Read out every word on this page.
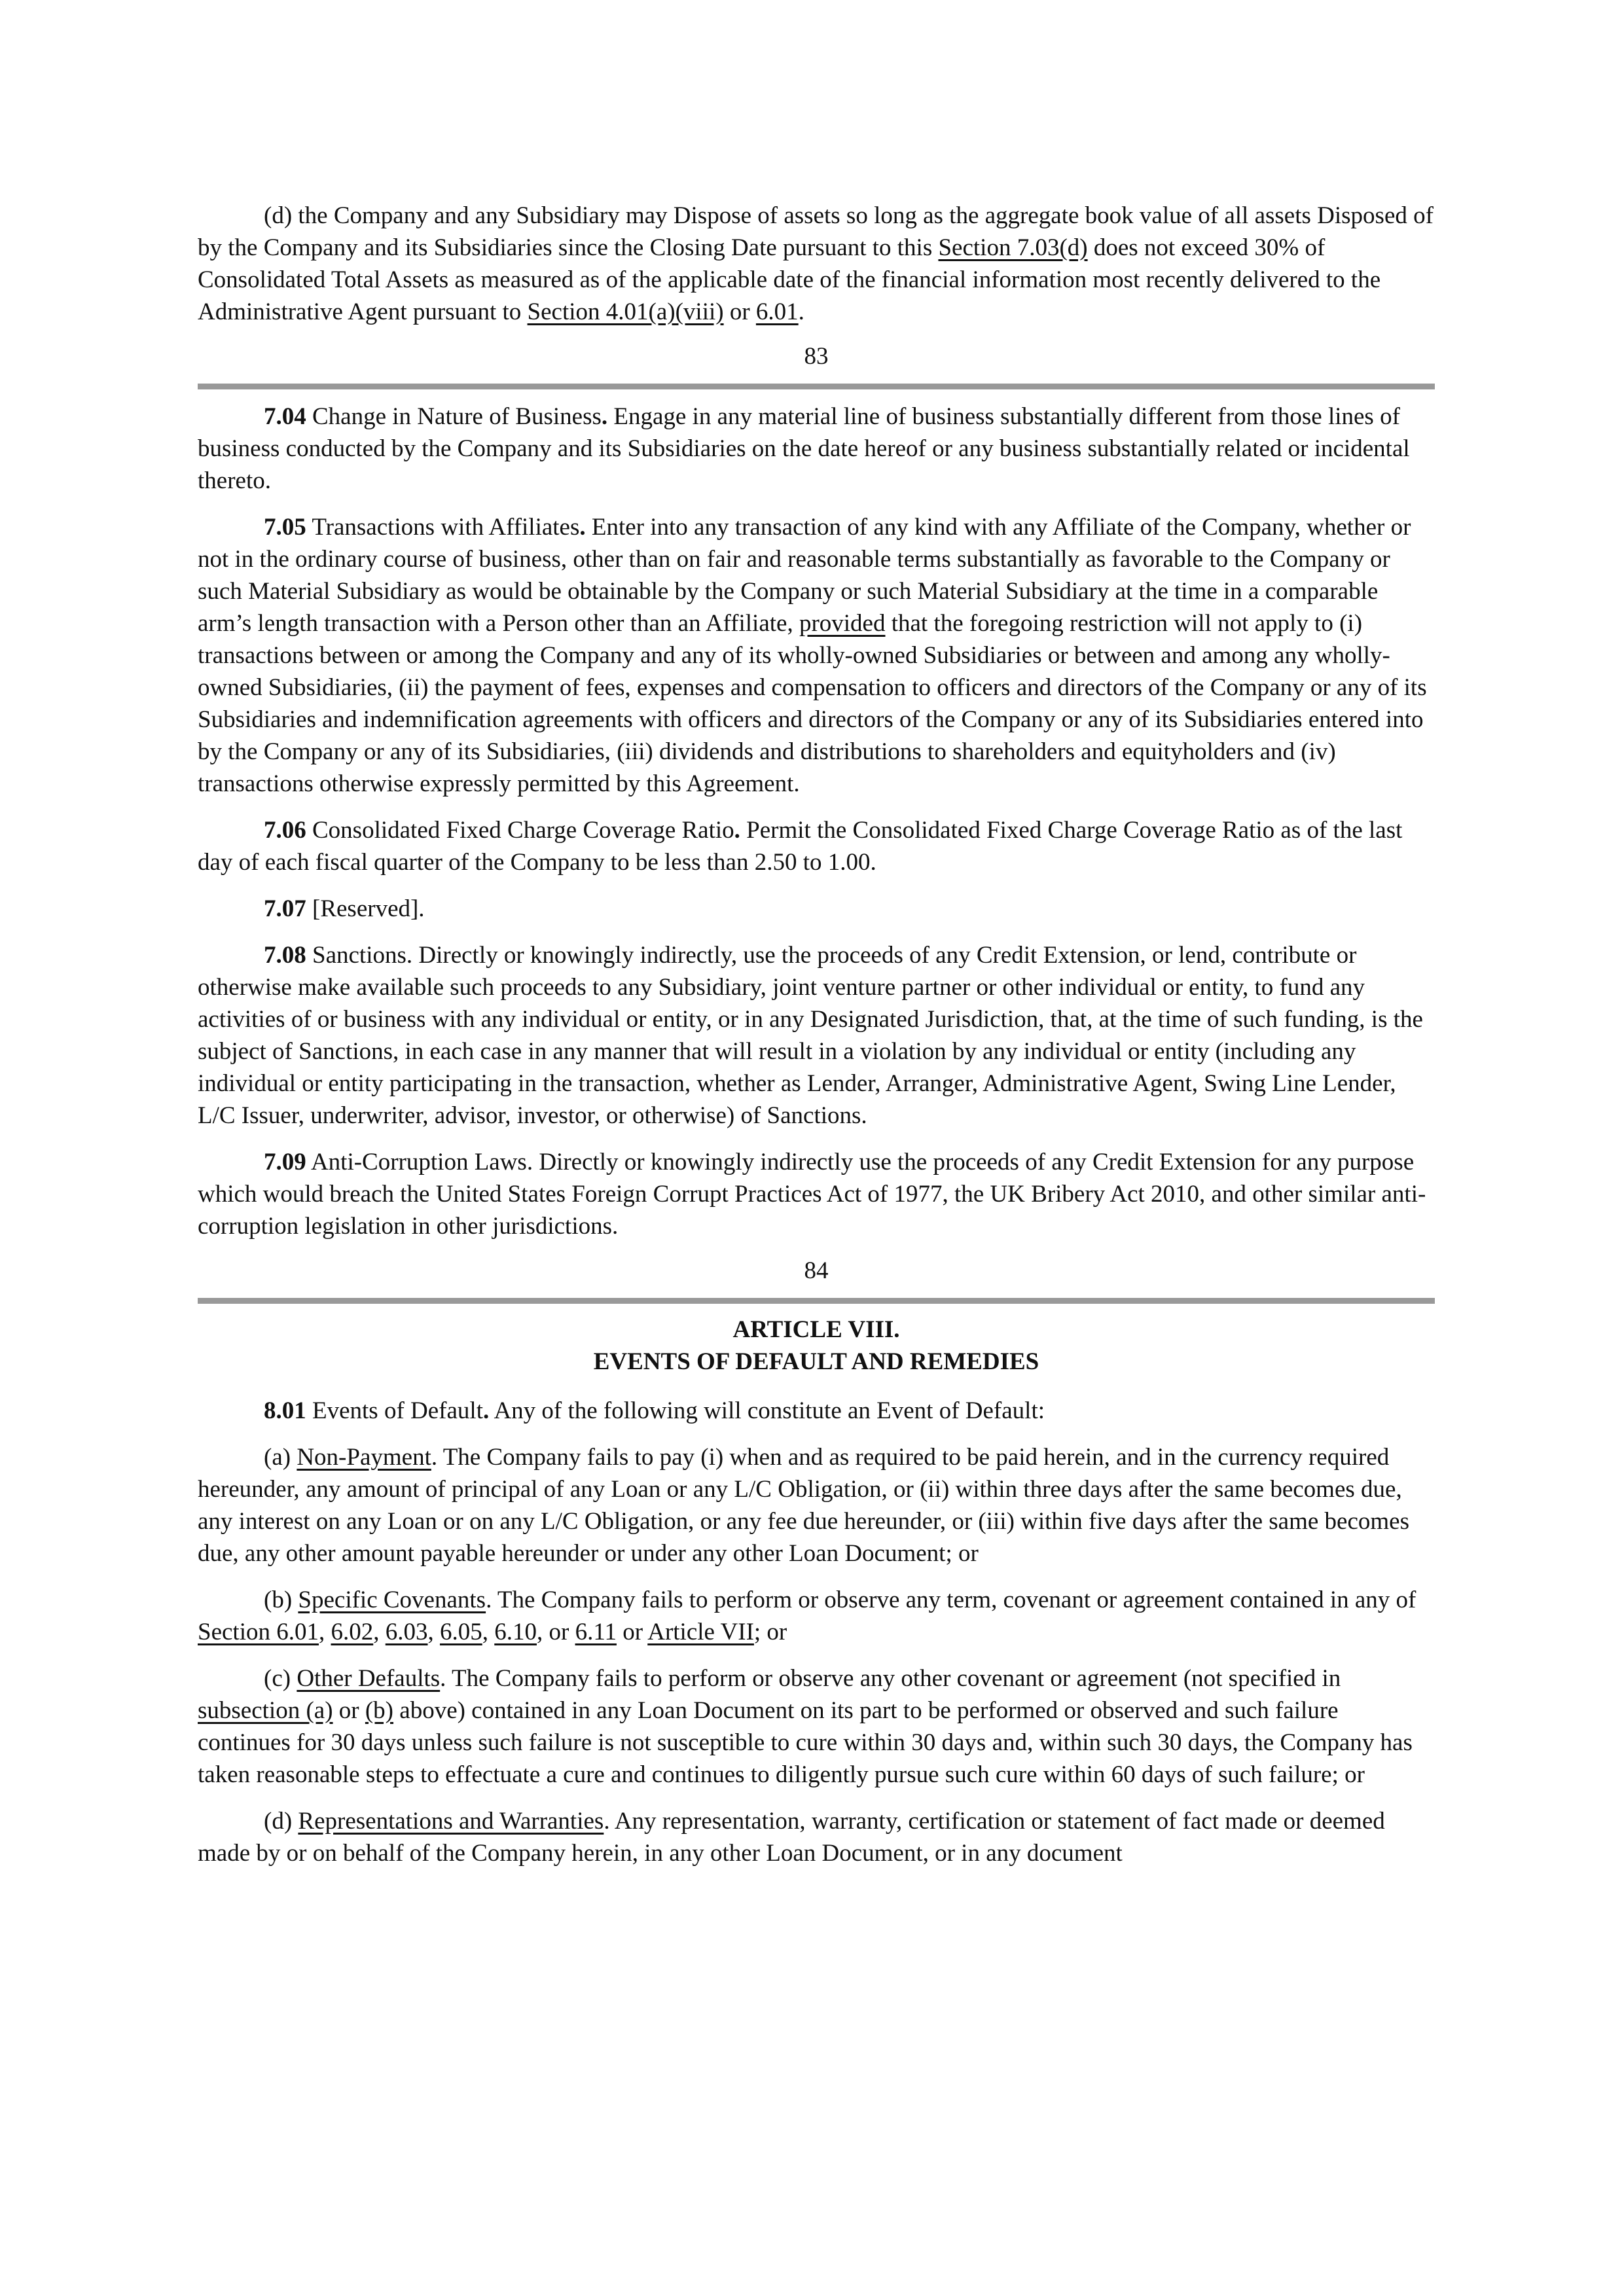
(d) the Company and any Subsidiary may Dispose of assets so long as the aggregate book value of all assets Disposed of by the Company and its Subsidiaries since the Closing Date pursuant to this Section 7.03(d) does not exceed 30% of Consolidated Total Assets as measured as of the applicable date of the financial information most recently delivered to the Administrative Agent pursuant to Section 4.01(a)(viii) or 6.01.

83

7.04 Change in Nature of Business. Engage in any material line of business substantially different from those lines of business conducted by the Company and its Subsidiaries on the date hereof or any business substantially related or incidental thereto.

7.05 Transactions with Affiliates. Enter into any transaction of any kind with any Affiliate of the Company, whether or not in the ordinary course of business, other than on fair and reasonable terms substantially as favorable to the Company or such Material Subsidiary as would be obtainable by the Company or such Material Subsidiary at the time in a comparable arm’s length transaction with a Person other than an Affiliate, provided that the foregoing restriction will not apply to (i) transactions between or among the Company and any of its wholly-owned Subsidiaries or between and among any wholly-owned Subsidiaries, (ii) the payment of fees, expenses and compensation to officers and directors of the Company or any of its Subsidiaries and indemnification agreements with officers and directors of the Company or any of its Subsidiaries entered into by the Company or any of its Subsidiaries, (iii) dividends and distributions to shareholders and equityholders and (iv) transactions otherwise expressly permitted by this Agreement.

7.06 Consolidated Fixed Charge Coverage Ratio. Permit the Consolidated Fixed Charge Coverage Ratio as of the last day of each fiscal quarter of the Company to be less than 2.50 to 1.00.

7.07 [Reserved].

7.08 Sanctions. Directly or knowingly indirectly, use the proceeds of any Credit Extension, or lend, contribute or otherwise make available such proceeds to any Subsidiary, joint venture partner or other individual or entity, to fund any activities of or business with any individual or entity, or in any Designated Jurisdiction, that, at the time of such funding, is the subject of Sanctions, in each case in any manner that will result in a violation by any individual or entity (including any individual or entity participating in the transaction, whether as Lender, Arranger, Administrative Agent, Swing Line Lender, L/C Issuer, underwriter, advisor, investor, or otherwise) of Sanctions.

7.09 Anti-Corruption Laws. Directly or knowingly indirectly use the proceeds of any Credit Extension for any purpose which would breach the United States Foreign Corrupt Practices Act of 1977, the UK Bribery Act 2010, and other similar anti-corruption legislation in other jurisdictions.

84

ARTICLE VIII.

EVENTS OF DEFAULT AND REMEDIES

8.01 Events of Default. Any of the following will constitute an Event of Default:

(a) Non-Payment. The Company fails to pay (i) when and as required to be paid herein, and in the currency required hereunder, any amount of principal of any Loan or any L/C Obligation, or (ii) within three days after the same becomes due, any interest on any Loan or on any L/C Obligation, or any fee due hereunder, or (iii) within five days after the same becomes due, any other amount payable hereunder or under any other Loan Document; or

(b) Specific Covenants. The Company fails to perform or observe any term, covenant or agreement contained in any of Section 6.01, 6.02, 6.03, 6.05, 6.10, or 6.11 or Article VII; or

(c) Other Defaults. The Company fails to perform or observe any other covenant or agreement (not specified in subsection (a) or (b) above) contained in any Loan Document on its part to be performed or observed and such failure continues for 30 days unless such failure is not susceptible to cure within 30 days and, within such 30 days, the Company has taken reasonable steps to effectuate a cure and continues to diligently pursue such cure within 60 days of such failure; or

(d) Representations and Warranties. Any representation, warranty, certification or statement of fact made or deemed made by or on behalf of the Company herein, in any other Loan Document, or in any document
